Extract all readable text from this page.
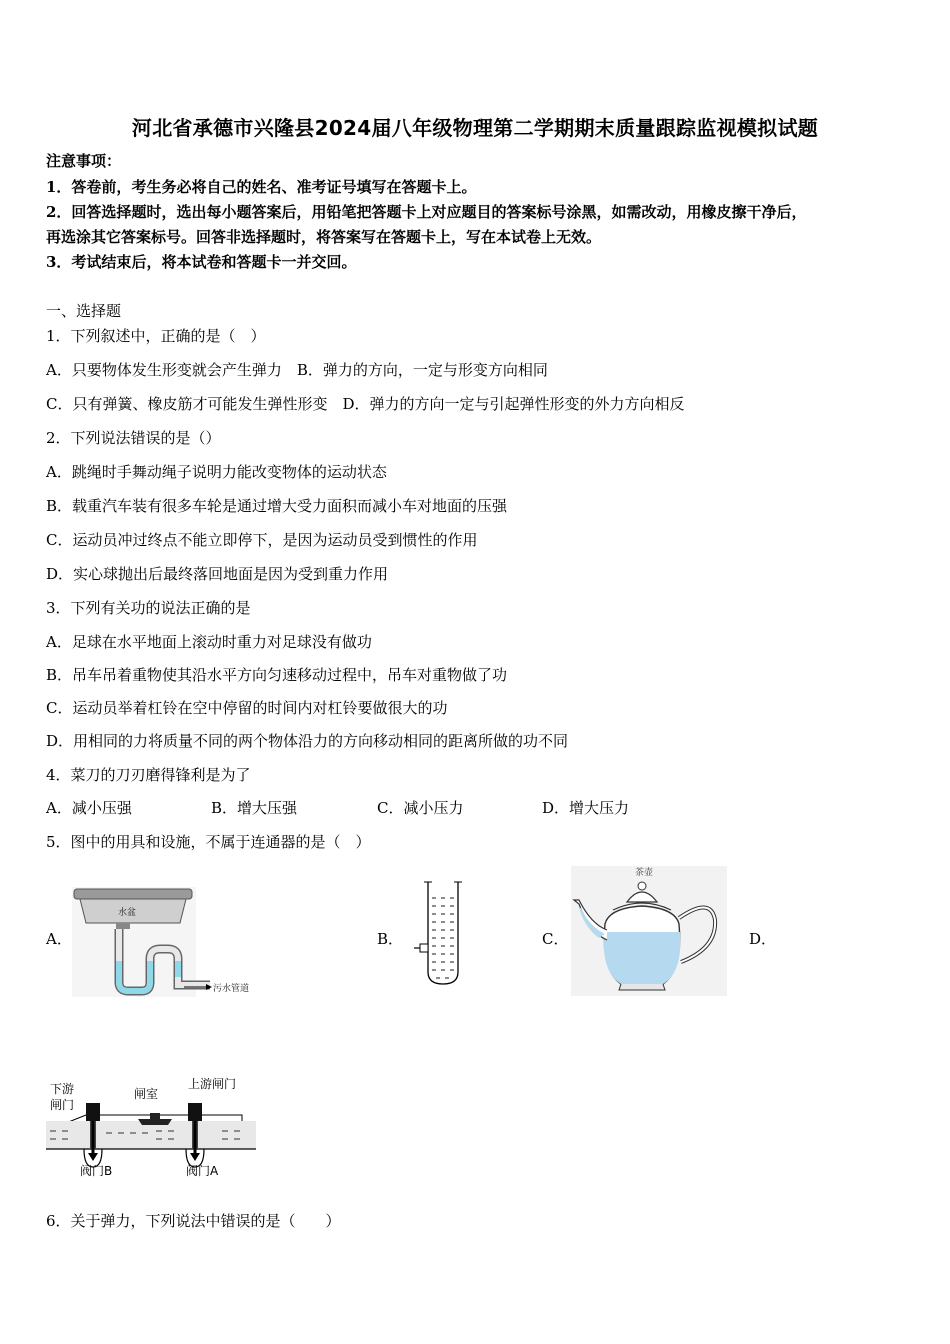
河北省承德市兴隆县2024届八年级物理第二学期期末质量跟踪监视模拟试题
注意事项：
1．答卷前，考生务必将自己的姓名、准考证号填写在答题卡上。
2．回答选择题时，选出每小题答案后，用铅笔把答题卡上对应题目的答案标号涂黑，如需改动，用橡皮擦干净后，
再选涂其它答案标号。回答非选择题时，将答案写在答题卡上，写在本试卷上无效。
3．考试结束后，将本试卷和答题卡一并交回。
一、选择题
1．下列叙述中，正确的是（　）
A．只要物体发生形变就会产生弹力　B．弹力的方向，一定与形变方向相同
C．只有弹簧、橡皮筋才可能发生弹性形变　D．弹力的方向一定与引起弹性形变的外力方向相反
2．下列说法错误的是（）
A．跳绳时手舞动绳子说明力能改变物体的运动状态
B．载重汽车装有很多车轮是通过增大受力面积而减小车对地面的压强
C．运动员冲过终点不能立即停下，是因为运动员受到惯性的作用
D．实心球抛出后最终落回地面是因为受到重力作用
3．下列有关功的说法正确的是
A．足球在水平地面上滚动时重力对足球没有做功
B．吊车吊着重物使其沿水平方向匀速移动过程中，吊车对重物做了功
C．运动员举着杠铃在空中停留的时间内对杠铃要做很大的功
D．用相同的力将质量不同的两个物体沿力的方向移动相同的距离所做的功不同
4．菜刀的刀刃磨得锋利是为了
A．减小压强	B．增大压强	C．减小压力	D．增大压力
5．图中的用具和设施，不属于连通器的是（　）
A．	B．	C．	D．
水盆
污水管道
茶壶
下游
闸门
闸室
上游闸门
阀门B	阀门A
6．关于弹力，下列说法中错误的是（　　）
